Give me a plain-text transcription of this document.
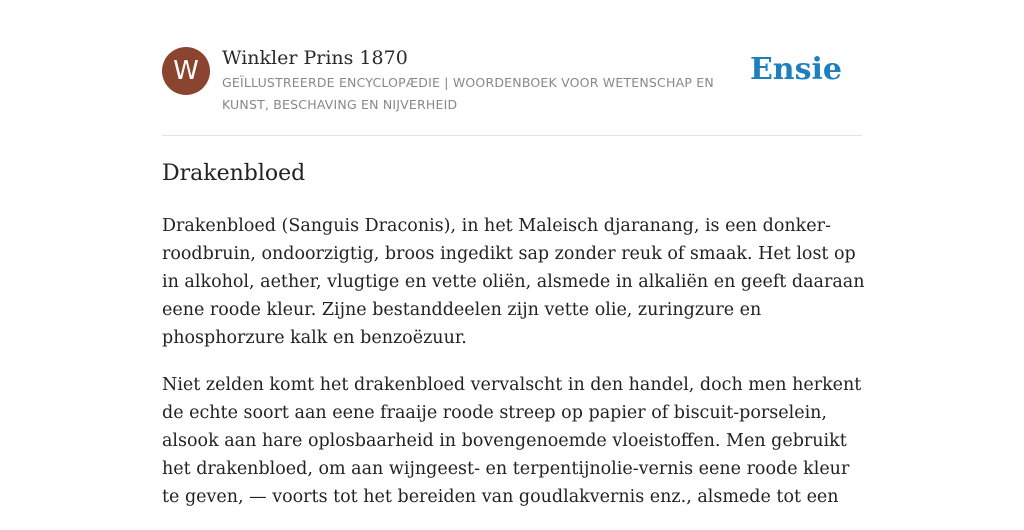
W	Winkler Prins 1870
GEÏLLUSTREERDE ENCYCLOPÆDIE | WOORDENBOEK VOOR WETENSCHAP EN KUNST, BESCHAVING EN NIJVERHEID
Ensie
Drakenbloed

Drakenbloed (Sanguis Draconis), in het Maleisch djaranang, is een donker-roodbruin, ondoorzigtig, broos ingedikt sap zonder reuk of smaak. Het lost op in alkohol, aether, vlugtige en vette oliën, alsmede in alkaliën en geeft daaraan eene roode kleur. Zijne bestanddeelen zijn vette olie, zuringzure en phosphorzure kalk en benzoëzuur.

Niet zelden komt het drakenbloed vervalscht in den handel, doch men herkent de echte soort aan eene fraaije roode streep op papier of biscuit-porselein, alsook aan hare oplosbaarheid in bovengenoemde vloeistoffen. Men gebruikt het drakenbloed, om aan wijngeest- en terpentijnolie-vernis eene roode kleur te geven, — voorts tot het bereiden van goudlakvernis enz., alsmede tot een
